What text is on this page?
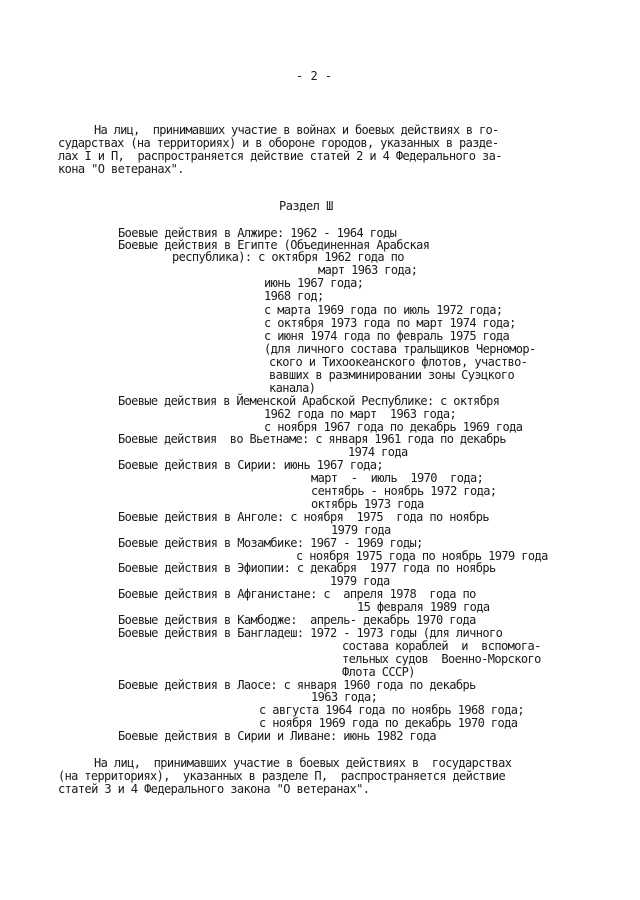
- 2 -
На лиц,  принимавших участие в войнах и боевых действиях в го-
сударствах (на территориях) и в обороне городов, указанных в разде-
лах I и П,  распространяется действие статей 2 и 4 Федерального за-
кона "О ветеранах".
Раздел Ш
Боевые действия в Алжире: 1962 - 1964 годы
Боевые действия в Египте (Объединенная Арабская
республика): с октября 1962 года по
март 1963 года;
июнь 1967 года;
1968 год;
с марта 1969 года по июль 1972 года;
с октября 1973 года по март 1974 года;
с июня 1974 года по февраль 1975 года
(для личного состава тральщиков Черномор-
ского и Тихоокеанского флотов, участво-
вавших в разминировании зоны Суэцкого
канала)
Боевые действия в Йеменской Арабской Республике: с октября
1962 года по март  1963 года;
с ноября 1967 года по декабрь 1969 года
Боевые действия  во Вьетнаме: с января 1961 года по декабрь
1974 года
Боевые действия в Сирии: июнь 1967 года;
март  -  июль  1970  года;
сентябрь - ноябрь 1972 года;
октябрь 1973 года
Боевые действия в Анголе: с ноября  1975  года по ноябрь
1979 года
Боевые действия в Мозамбике: 1967 - 1969 годы;
с ноября 1975 года по ноябрь 1979 года
Боевые действия в Эфиопии: с декабря  1977 года по ноябрь
1979 года
Боевые действия в Афганистане: с  апреля 1978  года по
15 февраля 1989 года
Боевые действия в Камбодже:  апрель- декабрь 1970 года
Боевые действия в Бангладеш: 1972 - 1973 годы (для личного
состава кораблей  и  вспомога-
тельных судов  Военно-Морского
Флота СССР)
Боевые действия в Лаосе: с января 1960 года по декабрь
1963 года;
с августа 1964 года по ноябрь 1968 года;
с ноября 1969 года по декабрь 1970 года
Боевые действия в Сирии и Ливане: июнь 1982 года
На лиц,  принимавших участие в боевых действиях в  государствах
(на территориях),  указанных в разделе П,  распространяется действие
статей 3 и 4 Федерального закона "О ветеранах".
